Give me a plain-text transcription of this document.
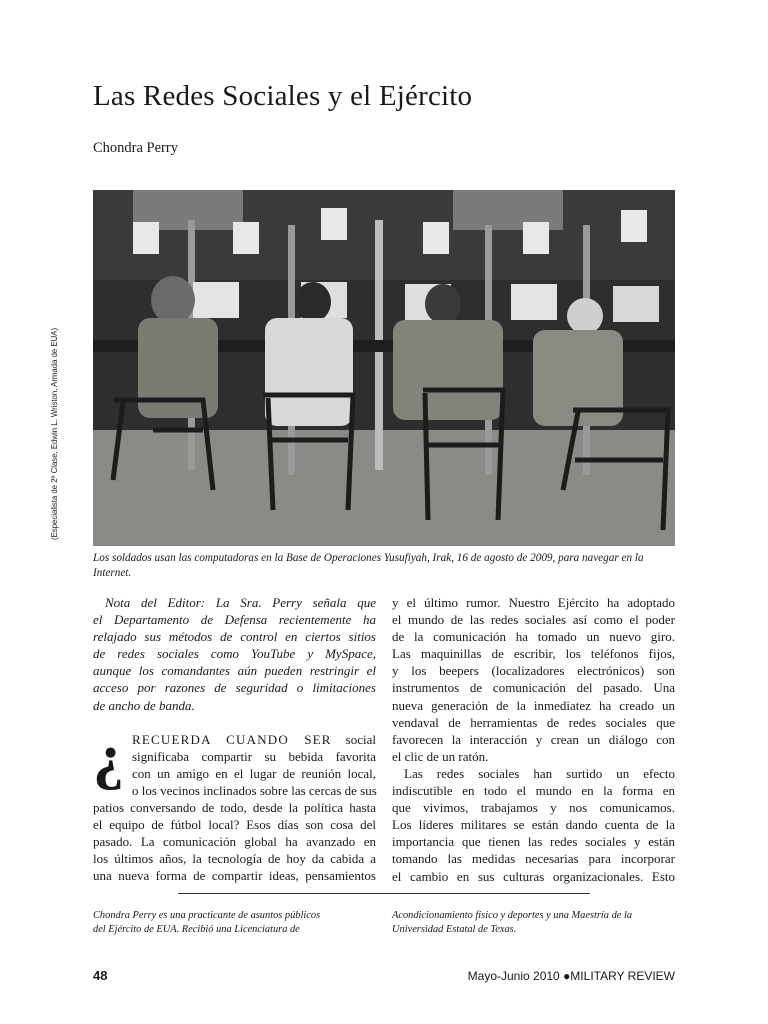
Las Redes Sociales y el Ejército
Chondra Perry
(Especialista de 2ª Clase, Edwin L. Wriston, Armada de EUA)
Los soldados usan las computadoras en la Base de Operaciones Yusufiyah, Irak, 16 de agosto de 2009, para navegar en la Internet.
Nota del Editor: La Sra. Perry señala que
el Departamento de Defensa recientemente ha
relajado sus métodos de control en ciertos sitios
de redes sociales como YouTube y MySpace,
aunque los comandantes aún pueden restringir el
acceso por razones de seguridad o limitaciones
de ancho de banda.
¿ RECUERDA CUANDO SER social
significaba compartir su bebida favorita
con un amigo en el lugar de reunión local,
o los vecinos inclinados sobre las cercas de sus
patios conversando de todo, desde la política hasta
el equipo de fútbol local? Esos días son cosa del
pasado. La comunicación global ha avanzado en
los últimos años, la tecnología de hoy da cabida a
una nueva forma de compartir ideas, pensamientos
y el último rumor. Nuestro Ejército ha adoptado
el mundo de las redes sociales así como el poder
de la comunicación ha tomado un nuevo giro.
Las maquinillas de escribir, los teléfonos fijos,
y los beepers (localizadores electrónicos) son
instrumentos de comunicación del pasado. Una
nueva generación de la inmediatez ha creado un
vendaval de herramientas de redes sociales que
favorecen la interacción y crean un diálogo con
el clic de un ratón.
Las redes sociales han surtido un efecto
indiscutible en todo el mundo en la forma en
que vivimos, trabajamos y nos comunicamos.
Los líderes militares se están dando cuenta de la
importancia que tienen las redes sociales y están
tomando las medidas necesarias para incorporar
el cambio en sus culturas organizacionales. Esto
Chondra Perry es una practicante de asuntos públicos
del Ejército de EUA. Recibió una Licenciatura de
Acondicionamiento físico y deportes y una Maestría de la
Universidad Estatal de Texas.
48	Mayo-Junio 2010 ●MILITARY REVIEW
